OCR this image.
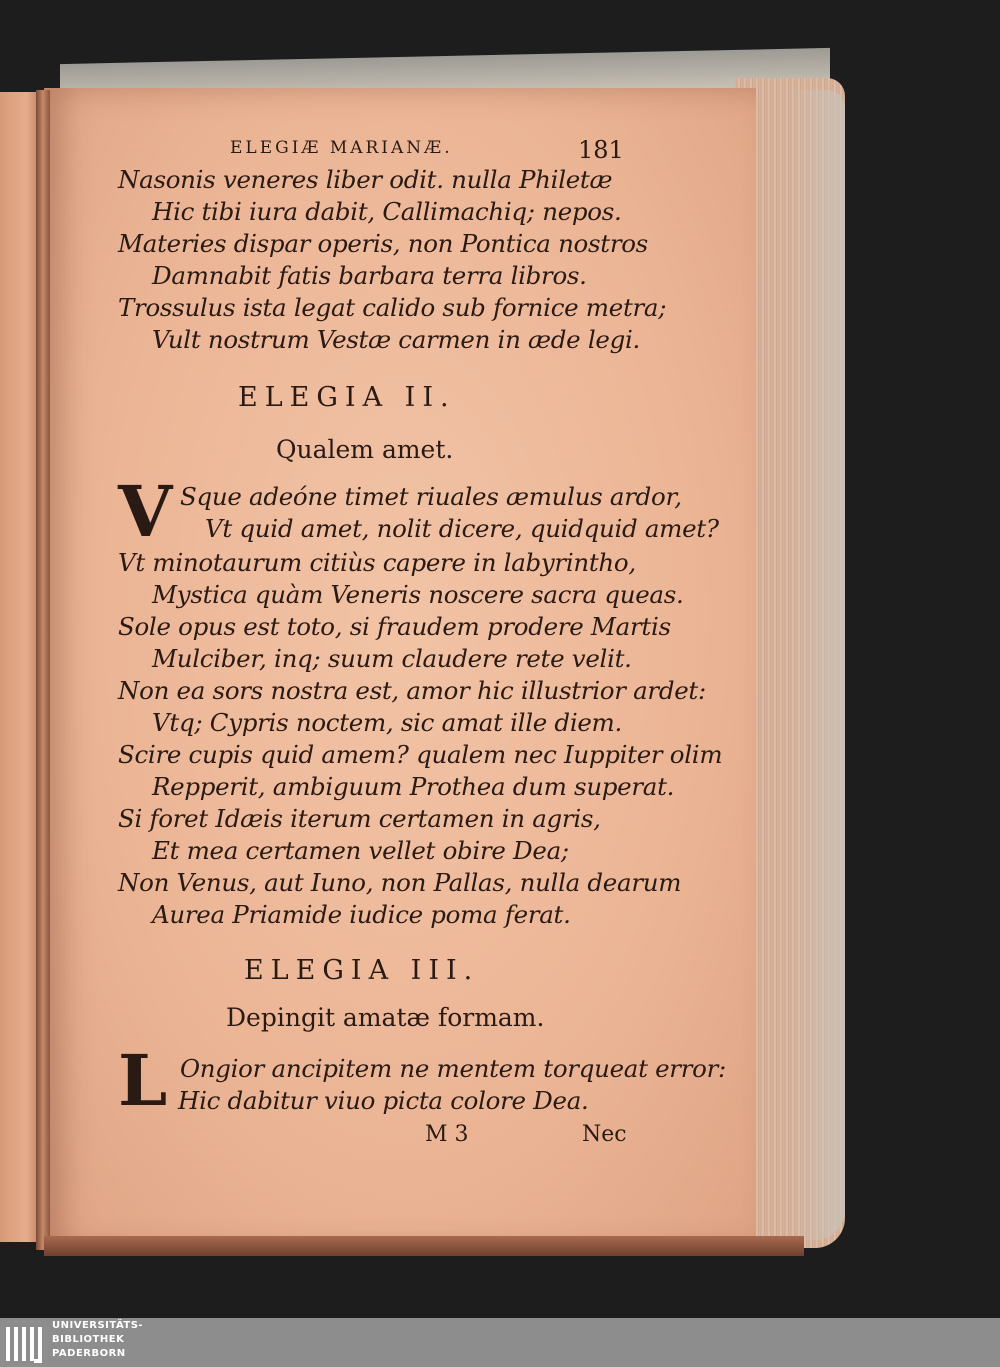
ELEGIÆ MARIANÆ.	181
Nasonis veneres liber odit. nulla Philetæ
Hic tibi iura dabit, Callimachiq; nepos.
Materies dispar operis, non Pontica nostros
Damnabit fatis barbara terra libros.
Trossulus ista legat calido sub fornice metra;
Vult nostrum Vestæ carmen in æde legi.
ELEGIA II.
Qualem amet.
V Sque adeóne timet riuales æmulus ardor,
Vt quid amet, nolit dicere, quidquid amet?
Vt minotaurum citiùs capere in labyrintho,
Mystica quàm Veneris noscere sacra queas.
Sole opus est toto, si fraudem prodere Martis
Mulciber, inq; suum claudere rete velit.
Non ea sors nostra est, amor hic illustrior ardet:
Vtq; Cypris noctem, sic amat ille diem.
Scire cupis quid amem? qualem nec Iuppiter olim
Repperit, ambiguum Prothea dum superat.
Si foret Idæis iterum certamen in agris,
Et mea certamen vellet obire Dea;
Non Venus, aut Iuno, non Pallas, nulla dearum
Aurea Priamide iudice poma ferat.
ELEGIA III.
Depingit amatæ formam.
L Ongior ancipitem ne mentem torqueat error:
Hic dabitur viuo picta colore Dea.
M 3	Nec
UNIVERSITÄTS-
BIBLIOTHEK
PADERBORN
